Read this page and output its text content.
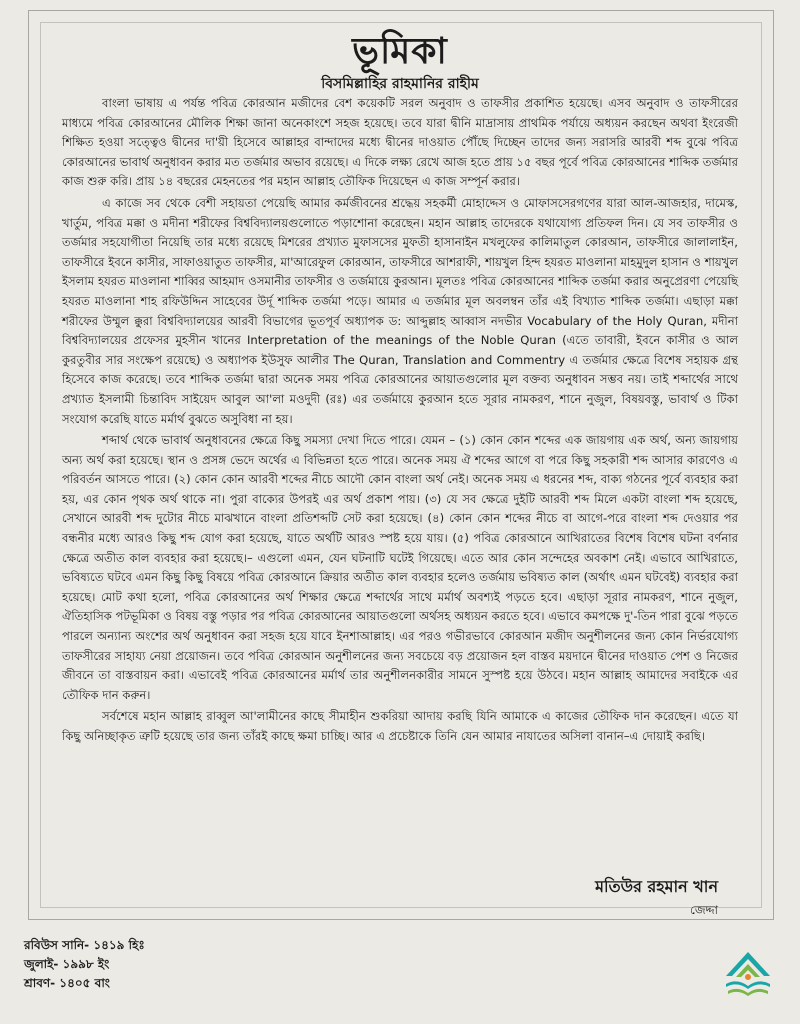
ভূমিকা
বিসমিল্লাহির রাহমানির রাহীম

বাংলা ভাষায় এ পর্যন্ত পবিত্র কোরআন মজীদের বেশ কয়েকটি সরল অনুবাদ ও তাফসীর প্রকাশিত হয়েছে। এসব অনুবাদ ও তাফসীরের মাধ্যমে পবিত্র কোরআনের মৌলিক শিক্ষা জানা অনেকাংশে সহজ হয়েছে। তবে যারা দ্বীনি মাদ্রাসায় প্রাথমিক পর্যায়ে অধ্যয়ন করছেন অথবা ইংরেজী শিক্ষিত হওয়া সত্ত্বেও দ্বীনের দা'য়ী হিসেবে আল্লাহর বান্দাদের মধ্যে দ্বীনের দাওয়াত পৌঁছে দিচ্ছেন তাদের জন্য সরাসরি আরবী শব্দ বুঝে পবিত্র কোরআনের ভাবার্থ অনুধাবন করার মত তর্জমার অভাব রয়েছে। এ দিকে লক্ষ্য রেখে আজ হতে প্রায় ১৫ বছর পূর্বে পবিত্র কোরআনের শাব্দিক তর্জমার কাজ শুরু করি। প্রায় ১৪ বছরের মেহনতের পর মহান আল্লাহ তৌফিক দিয়েছেন এ কাজ সম্পূর্ন করার।

এ কাজে সব থেকে বেশী সহায়তা পেয়েছি আমার কর্মজীবনের শ্রদ্ধেয় সহকর্মী মোহাদ্দেস ও মোফাসসেরগণের যারা আল-আজহার, দামেস্ক, খার্তুম, পবিত্র মক্কা ও মদীনা শরীফের বিশ্ববিদ্যালয়গুলোতে পড়াশোনা করেছেন। মহান আল্লাহ তাদেরকে যথাযোগ্য প্রতিফল দিন। যে সব তাফসীর ও তর্জমার সহযোগীতা নিয়েছি তার মধ্যে রয়েছে মিশরের প্রখ্যাত মুফাসসের মুফতী হাসানাইন মখলুফের কালিমাতুল কোরআন, তাফসীরে জালালাইন, তাফসীরে ইবনে কাসীর, সাফাওয়াতুত তাফসীর, মা'আরেফুল কোরআন, তাফসীরে আশরাফী, শায়খুল হিন্দ হযরত মাওলানা মাহমুদুল হাসান ও শায়খুল ইসলাম হযরত মাওলানা শাব্বির আহমাদ ওসমানীর তাফসীর ও তর্জমায়ে কুরআন। মূলতঃ পবিত্র কোরআনের শাব্দিক তর্জমা করার অনুপ্রেরণা পেয়েছি হযরত মাওলানা শাহ রফিউদ্দিন সাহেবের উর্দূ শাব্দিক তর্জমা পড়ে। আমার এ তর্জমার মূল অবলম্বন তাঁর এই বিখ্যাত শাব্দিক তর্জমা। এছাড়া মক্কা শরীফের উম্মুল ক্কুরা বিশ্ববিদ্যালয়ের আরবী বিভাগের ভূতপূর্ব অধ্যাপক ড: আব্দুল্লাহ আব্বাস নদভীর Vocabulary of the Holy Quran, মদীনা বিশ্ববিদ্যালয়ের প্রফেসর মুহসীন খানের Interpretation of the meanings of the Noble Quran (এতে তাবারী, ইবনে কাসীর ও আল কুরতুবীর সার সংক্ষেপ রয়েছে) ও অধ্যাপক ইউসুফ আলীর The Quran, Translation and Commentry এ তর্জমার ক্ষেত্রে বিশেষ সহায়ক গ্রন্থ হিসেবে কাজ করেছে। তবে শাব্দিক তর্জমা দ্বারা অনেক সময় পবিত্র কোরআনের আয়াতগুলোর মূল বক্তব্য অনুধাবন সম্ভব নয়। তাই শব্দার্থের সাথে প্রখ্যাত ইসলামী চিন্তাবিদ সাইয়েদ আবুল আ'লা মওদুদী (রঃ) এর তর্জমায়ে কুরআন হতে সূরার নামকরণ, শানে নুজুল, বিষয়বস্তু, ভাবার্থ ও টিকা সংযোগ করেছি যাতে মর্মার্থ বুঝতে অসুবিধা না হয়।

শব্দার্থ থেকে ভাবার্থ অনুধাবনের ক্ষেত্রে কিছু সমস্যা দেখা দিতে পারে। যেমন – (১) কোন কোন শব্দের এক জায়গায় এক অর্থ, অন্য জায়গায় অন্য অর্থ করা হয়েছে। স্থান ও প্রসঙ্গ ভেদে অর্থের এ বিভিন্নতা হতে পারে। অনেক সময় ঐ শব্দের আগে বা পরে কিছু সহকারী শব্দ আসার কারণেও এ পরিবর্তন আসতে পারে। (২) কোন কোন আরবী শব্দের নীচে আদৌ কোন বাংলা অর্থ নেই। অনেক সময় এ ধরনের শব্দ, বাক্য গঠনের পূর্বে ব্যবহার করা হয়, এর কোন পৃথক অর্থ থাকে না। পুরা বাক্যের উপরই এর অর্থ প্রকাশ পায়। (৩) যে সব ক্ষেত্রে দুইটি আরবী শব্দ মিলে একটা বাংলা শব্দ হয়েছে, সেখানে আরবী শব্দ দুটোর নীচে মাঝখানে বাংলা প্রতিশব্দটি সেট করা হয়েছে। (৪) কোন কোন শব্দের নীচে বা আগে-পরে বাংলা শব্দ দেওয়ার পর বন্ধনীর মধ্যে আরও কিছু শব্দ যোগ করা হয়েছে, যাতে অর্থটি আরও স্পষ্ট হয়ে যায়। (৫) পবিত্র কোরআনে আখিরাতের বিশেষ বিশেষ ঘটনা বর্ণনার ক্ষেত্রে অতীত কাল ব্যবহার করা হয়েছে।– এগুলো এমন, যেন ঘটনাটি ঘটেই গিয়েছে। এতে আর কোন সন্দেহের অবকাশ নেই। এভাবে আখিরাতে, ভবিষ্যতে ঘটবে এমন কিছু কিছু বিষয়ে পবিত্র কোরআনে ক্রিয়ার অতীত কাল ব্যবহার হলেও তর্জমায় ভবিষ্যত কাল (অর্থাৎ এমন ঘটবেই) ব্যবহার করা হয়েছে। মোট কথা হলো, পবিত্র কোরআনের অর্থ শিক্ষার ক্ষেত্রে শব্দার্থের সাথে মর্মার্থ অবশ্যই পড়তে হবে। এছাড়া সূরার নামকরণ, শানে নুজুল, ঐতিহাসিক পটভূমিকা ও বিষয় বস্তু পড়ার পর পবিত্র কোরআনের আয়াতগুলো অর্থসহ অধ্যয়ন করতে হবে। এভাবে কমপক্ষে দু'-তিন পারা বুঝে পড়তে পারলে অন্যান্য অংশের অর্থ অনুধাবন করা সহজ হয়ে যাবে ইনশাআল্লাহ। এর পরও গভীরভাবে কোরআন মজীদ অনুশীলনের জন্য কোন নির্ভরযোগ্য তাফসীরের সাহায্য নেয়া প্রয়োজন। তবে পবিত্র কোরআন অনুশীলনের জন্য সবচেয়ে বড় প্রয়োজন হল বাস্তব ময়দানে দ্বীনের দাওয়াত পেশ ও নিজের জীবনে তা বাস্তবায়ন করা। এভাবেই পবিত্র কোরআনের মর্মার্থ তার অনুশীলনকারীর সামনে সুস্পষ্ট হয়ে উঠবে। মহান আল্লাহ আমাদের সবাইকে এর তৌফিক দান করুন।

সর্বশেষে মহান আল্লাহ রাব্বুল আ'লামীনের কাছে সীমাহীন শুকরিয়া আদায় করছি যিনি আমাকে এ কাজের তৌফিক দান করেছেন। এতে যা কিছু অনিচ্ছাকৃত ত্রুটি হয়েছে তার জন্য তাঁরই কাছে ক্ষমা চাচ্ছি। আর এ প্রচেষ্টাকে তিনি যেন আমার নাযাতের অসিলা বানান–এ দোয়াই করছি।

মতিউর রহমান খান
জেদ্দা
রবিউস সানি- ১৪১৯ হিঃ
জুলাই- ১৯৯৮ ইং
শ্রাবণ- ১৪০৫ বাং
